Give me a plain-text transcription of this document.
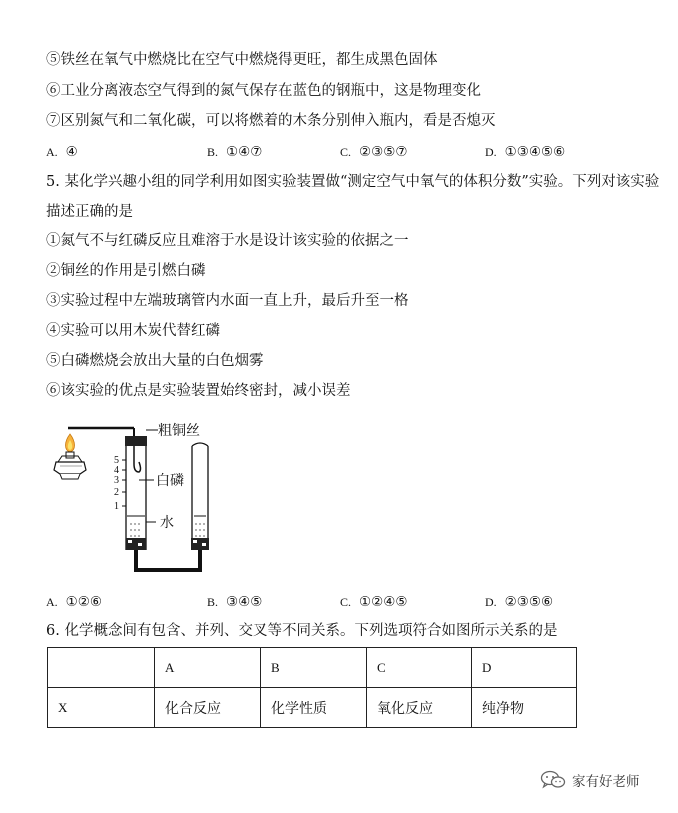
⑤铁丝在氧气中燃烧比在空气中燃烧得更旺，都生成黑色固体
⑥工业分离液态空气得到的氮气保存在蓝色的钢瓶中，这是物理变化
⑦区别氮气和二氧化碳，可以将燃着的木条分别伸入瓶内，看是否熄灭
A. ④	B. ①④⑦	C. ②③⑤⑦	D. ①③④⑤⑥
5. 某化学兴趣小组的同学利用如图实验装置做“测定空气中氧气的体积分数”实验。下列对该实验
描述正确的是
①氮气不与红磷反应且难溶于水是设计该实验的依据之一
②铜丝的作用是引燃白磷
③实验过程中左端玻璃管内水面一直上升，最后升至一格
④实验可以用木炭代替红磷
⑤白磷燃烧会放出大量的白色烟雾
⑥该实验的优点是实验装置始终密封，减小误差
5
4
3
2
1
粗铜丝
白磷
水
A. ①②⑥	B. ③④⑤	C. ①②④⑤	D. ②③⑤⑥
6. 化学概念间有包含、并列、交叉等不同关系。下列选项符合如图所示关系的是
	A	B	C	D
X	化合反应	化学性质	氧化反应	纯净物
家有好老师
